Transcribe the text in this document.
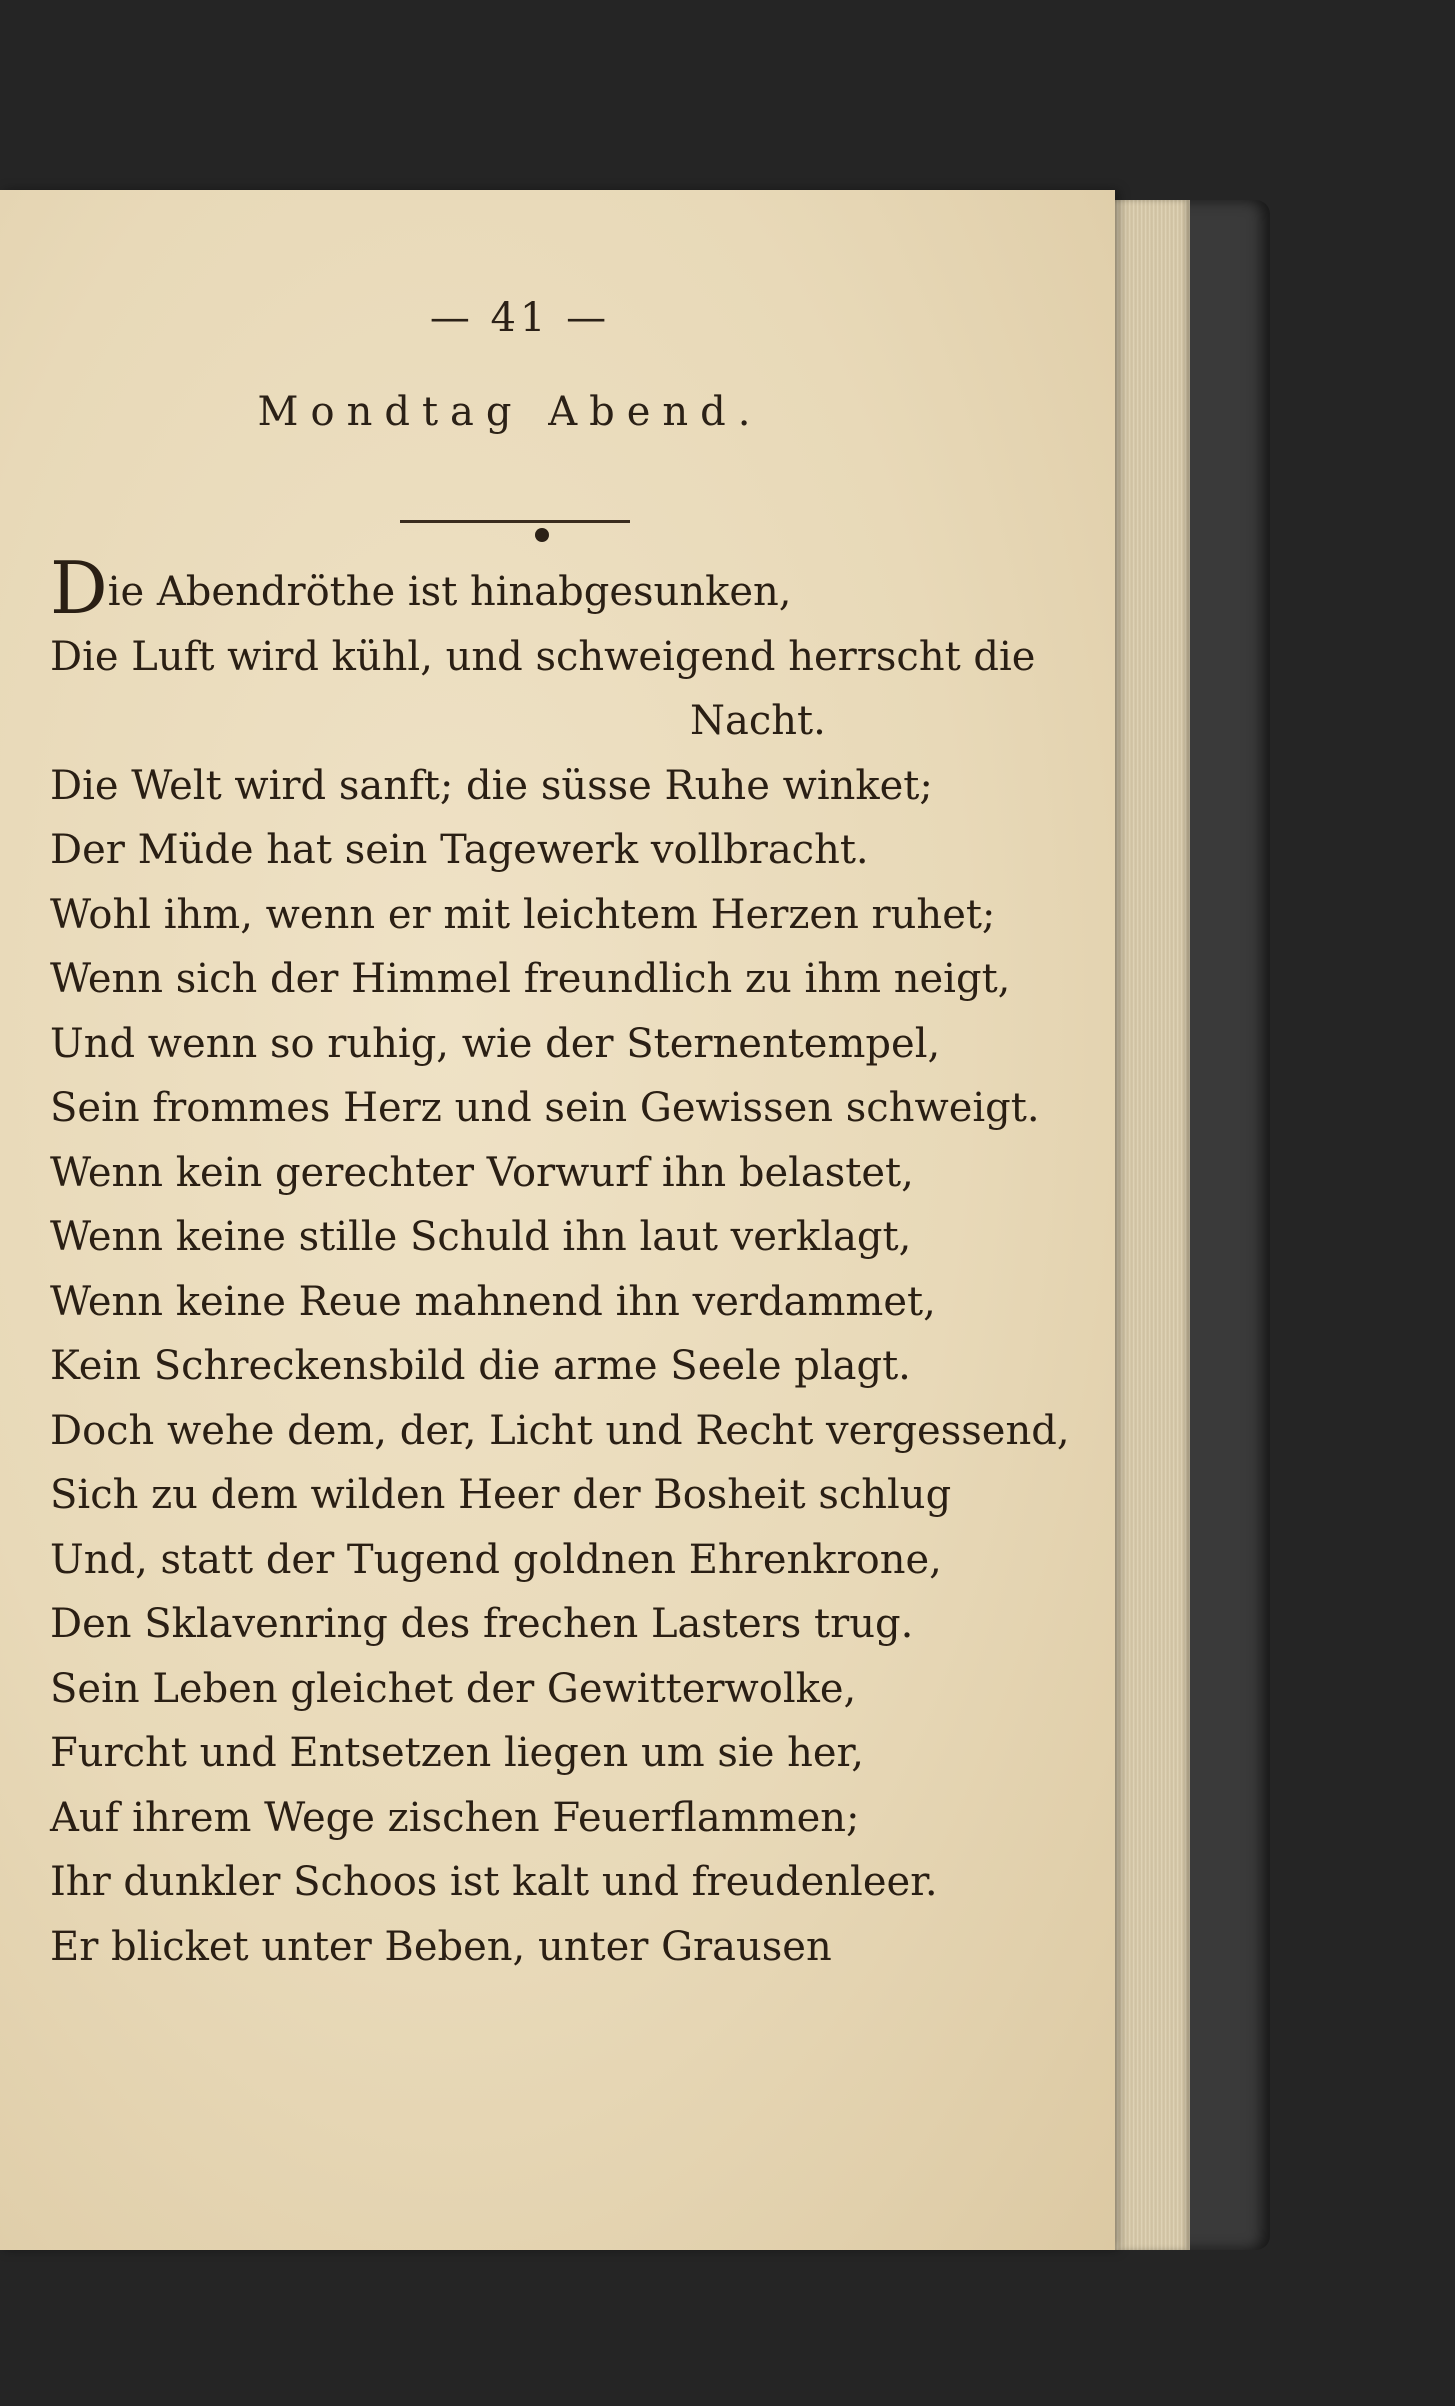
— 41 —
Mondtag Abend.
Die Abendröthe ist hinabgesunken,
Die Luft wird kühl, und schweigend herrscht die
Nacht.
Die Welt wird sanft; die süsse Ruhe winket;
Der Müde hat sein Tagewerk vollbracht.
Wohl ihm, wenn er mit leichtem Herzen ruhet;
Wenn sich der Himmel freundlich zu ihm neigt,
Und wenn so ruhig, wie der Sternentempel,
Sein frommes Herz und sein Gewissen schweigt.
Wenn kein gerechter Vorwurf ihn belastet,
Wenn keine stille Schuld ihn laut verklagt,
Wenn keine Reue mahnend ihn verdammet,
Kein Schreckensbild die arme Seele plagt.
Doch wehe dem, der, Licht und Recht vergessend,
Sich zu dem wilden Heer der Bosheit schlug
Und, statt der Tugend goldnen Ehrenkrone,
Den Sklavenring des frechen Lasters trug.
Sein Leben gleichet der Gewitterwolke,
Furcht und Entsetzen liegen um sie her,
Auf ihrem Wege zischen Feuerflammen;
Ihr dunkler Schoos ist kalt und freudenleer.
Er blicket unter Beben, unter Grausen
